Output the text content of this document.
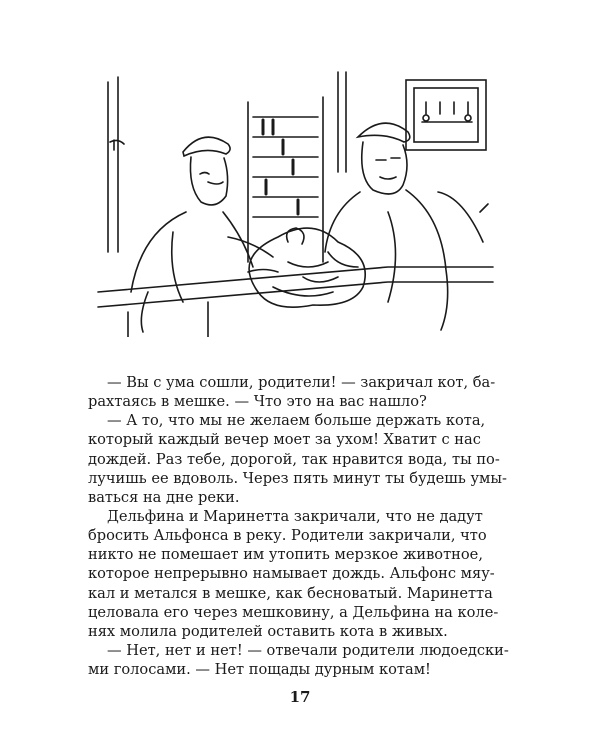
— Вы с ума сошли, родители! — закричал кот, ба-
рахтаясь в мешке. — Что это на вас нашло?
— А то, что мы не желаем больше держать кота,
который каждый вечер моет за ухом! Хватит с нас
дождей. Раз тебе, дорогой, так нравится вода, ты по-
лучишь ее вдоволь. Через пять минут ты будешь умы-
ваться на дне реки.
Дельфина и Маринетта закричали, что не дадут
бросить Альфонса в реку. Родители закричали, что
никто не помешает им утопить мерзкое животное,
которое непрерывно намывает дождь. Альфонс мяу-
кал и метался в мешке, как бесноватый. Маринетта
целовала его через мешковину, а Дельфина на коле-
нях молила родителей оставить кота в живых.
— Нет, нет и нет! — отвечали родители людоедски-
ми голосами. — Нет пощады дурным котам!
17
